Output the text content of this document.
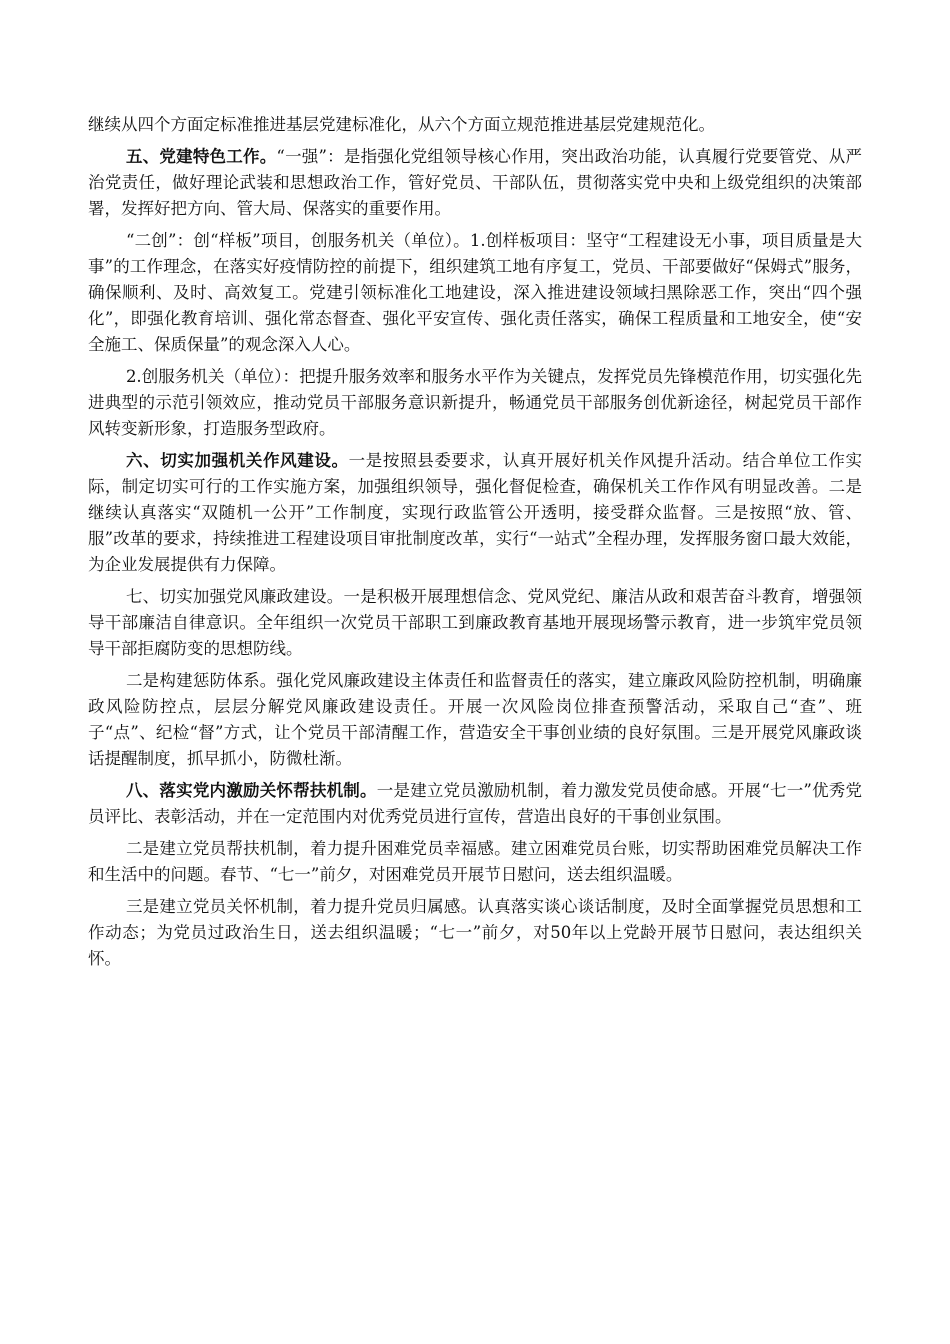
继续从四个方面定标准推进基层党建标准化，从六个方面立规范推进基层党建规范化。

五、党建特色工作。“一强”：是指强化党组领导核心作用，突出政治功能，认真履行党要管党、从严治党责任，做好理论武装和思想政治工作，管好党员、干部队伍，贯彻落实党中央和上级党组织的决策部署，发挥好把方向、管大局、保落实的重要作用。

“二创”：创“样板”项目，创服务机关（单位）。1.创样板项目：坚守“工程建设无小事，项目质量是大事”的工作理念，在落实好疫情防控的前提下，组织建筑工地有序复工，党员、干部要做好“保姆式”服务，确保顺利、及时、高效复工。党建引领标准化工地建设，深入推进建设领域扫黑除恶工作，突出“四个强化”，即强化教育培训、强化常态督查、强化平安宣传、强化责任落实，确保工程质量和工地安全，使“安全施工、保质保量”的观念深入人心。

2.创服务机关（单位）：把提升服务效率和服务水平作为关键点，发挥党员先锋模范作用，切实强化先进典型的示范引领效应，推动党员干部服务意识新提升，畅通党员干部服务创优新途径，树起党员干部作风转变新形象，打造服务型政府。

六、切实加强机关作风建设。一是按照县委要求，认真开展好机关作风提升活动。结合单位工作实际，制定切实可行的工作实施方案，加强组织领导，强化督促检查，确保机关工作作风有明显改善。二是继续认真落实“双随机一公开”工作制度，实现行政监管公开透明，接受群众监督。三是按照“放、管、服”改革的要求，持续推进工程建设项目审批制度改革，实行“一站式”全程办理，发挥服务窗口最大效能，为企业发展提供有力保障。

七、切实加强党风廉政建设。一是积极开展理想信念、党风党纪、廉洁从政和艰苦奋斗教育，增强领导干部廉洁自律意识。全年组织一次党员干部职工到廉政教育基地开展现场警示教育，进一步筑牢党员领导干部拒腐防变的思想防线。

二是构建惩防体系。强化党风廉政建设主体责任和监督责任的落实，建立廉政风险防控机制，明确廉政风险防控点，层层分解党风廉政建设责任。开展一次风险岗位排查预警活动，采取自己“查”、班子“点”、纪检“督”方式，让个党员干部清醒工作，营造安全干事创业绩的良好氛围。三是开展党风廉政谈话提醒制度，抓早抓小，防微杜渐。

八、落实党内激励关怀帮扶机制。一是建立党员激励机制，着力激发党员使命感。开展“七一”优秀党员评比、表彰活动，并在一定范围内对优秀党员进行宣传，营造出良好的干事创业氛围。

二是建立党员帮扶机制，着力提升困难党员幸福感。建立困难党员台账，切实帮助困难党员解决工作和生活中的问题。春节、“七一”前夕，对困难党员开展节日慰问，送去组织温暖。

三是建立党员关怀机制，着力提升党员归属感。认真落实谈心谈话制度，及时全面掌握党员思想和工作动态；为党员过政治生日，送去组织温暖；“七一”前夕，对50年以上党龄开展节日慰问，表达组织关怀。
